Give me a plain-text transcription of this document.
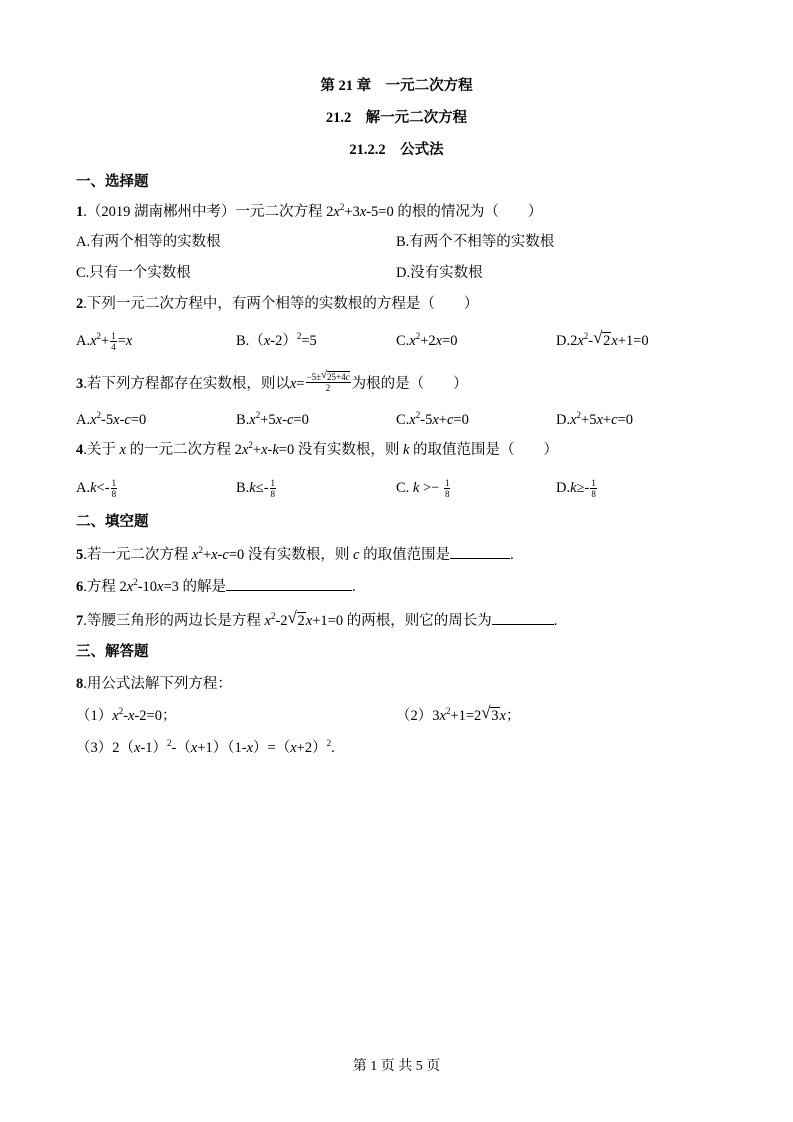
第 21 章　一元二次方程
21.2　解一元二次方程
21.2.2　公式法
一、选择题
1.（2019 湖南郴州中考）一元二次方程 $2x^2+3x-5=0$ 的根的情况为（　　）
A.有两个相等的实数根	B.有两个不相等的实数根
C.只有一个实数根	D.没有实数根
2.下列一元二次方程中，有两个相等的实数根的方程是（　　）
$A.x^2+ \frac{1}{4} =x$	$B.(x-2)^2=5$	$C.x^2+2x=0$	$D.2x^2-$ √ 2x+1=0
3.若下列方程都存在实数根，则以$x= \frac{-5\pm √ 25+4c}{2}$ 为根的是（　　）
$A.x^2-5x-c=0$	$B.x^2+5x-c=0$	$C.x^2-5x+c=0$	$D.x^2+5x+c=0$
4.关于 x 的一元二次方程 $2x^2+x-k=0$ 没有实数根，则 k 的取值范围是（　　）
$A.k<- \frac{1}{8}$	$B.k\le- \frac{1}{8}$	C. $k >- \frac{1}{8}$	$D.k\ge- \frac{1}{8}$
二、填空题
5.若一元二次方程 $x^2+x-c=0$ 没有实数根，则 c 的取值范围是	.
6.方程 $2x^2-10x=3$ 的解是	.
7.等腰三角形的两边长是方程 $x^2-2$ √ 2x+1=0 的两根，则它的周长为	.
三、解答题
8.用公式法解下列方程：
$(1)x^2-x-2=0$；	$(2)3x^2+1=2$ √ 3x；
$(3)2(x-1)^2-(x+1)(1-x)=(x+2)^2$.
第 1 页 共 5 页
